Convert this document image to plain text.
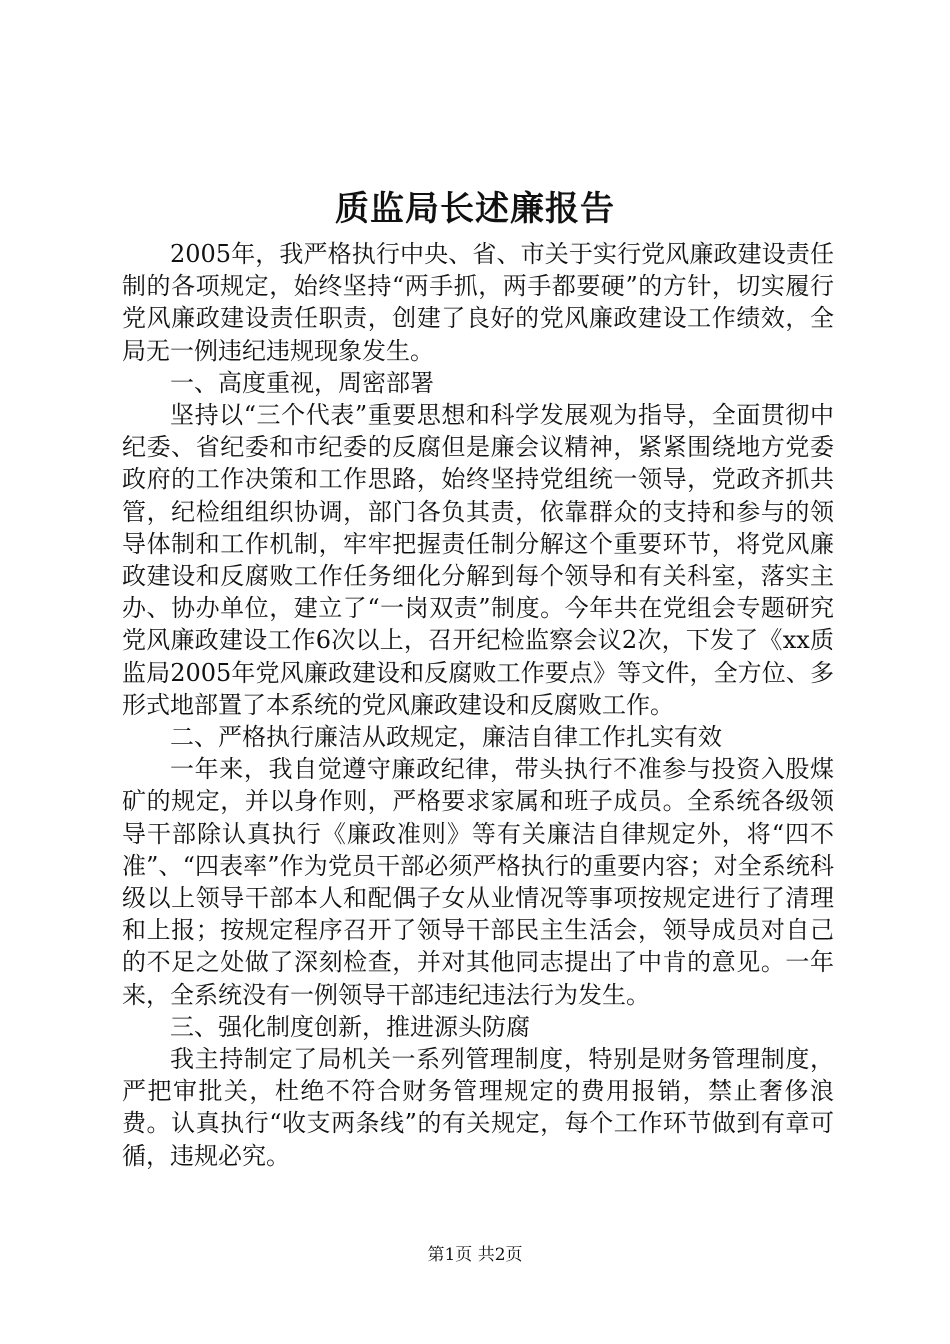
质监局长述廉报告

2005年，我严格执行中央、省、市关于实行党风廉政建设责任制的各项规定，始终坚持“两手抓，两手都要硬”的方针，切实履行党风廉政建设责任职责，创建了良好的党风廉政建设工作绩效，全局无一例违纪违规现象发生。

一、高度重视，周密部署

坚持以“三个代表”重要思想和科学发展观为指导，全面贯彻中纪委、省纪委和市纪委的反腐但是廉会议精神，紧紧围绕地方党委政府的工作决策和工作思路，始终坚持党组统一领导，党政齐抓共管，纪检组组织协调，部门各负其责，依靠群众的支持和参与的领导体制和工作机制，牢牢把握责任制分解这个重要环节，将党风廉政建设和反腐败工作任务细化分解到每个领导和有关科室，落实主办、协办单位，建立了“一岗双责”制度。今年共在党组会专题研究党风廉政建设工作6次以上，召开纪检监察会议2次，下发了《xx质监局2005年党风廉政建设和反腐败工作要点》等文件，全方位、多形式地部置了本系统的党风廉政建设和反腐败工作。

二、严格执行廉洁从政规定，廉洁自律工作扎实有效

一年来，我自觉遵守廉政纪律，带头执行不准参与投资入股煤矿的规定，并以身作则，严格要求家属和班子成员。全系统各级领导干部除认真执行《廉政准则》等有关廉洁自律规定外，将“四不准”、“四表率”作为党员干部必须严格执行的重要内容；对全系统科级以上领导干部本人和配偶子女从业情况等事项按规定进行了清理和上报；按规定程序召开了领导干部民主生活会，领导成员对自己的不足之处做了深刻检查，并对其他同志提出了中肯的意见。一年来，全系统没有一例领导干部违纪违法行为发生。

三、强化制度创新，推进源头防腐

我主持制定了局机关一系列管理制度，特别是财务管理制度，严把审批关，杜绝不符合财务管理规定的费用报销，禁止奢侈浪费。认真执行“收支两条线”的有关规定，每个工作环节做到有章可循，违规必究。

第1页 共2页
